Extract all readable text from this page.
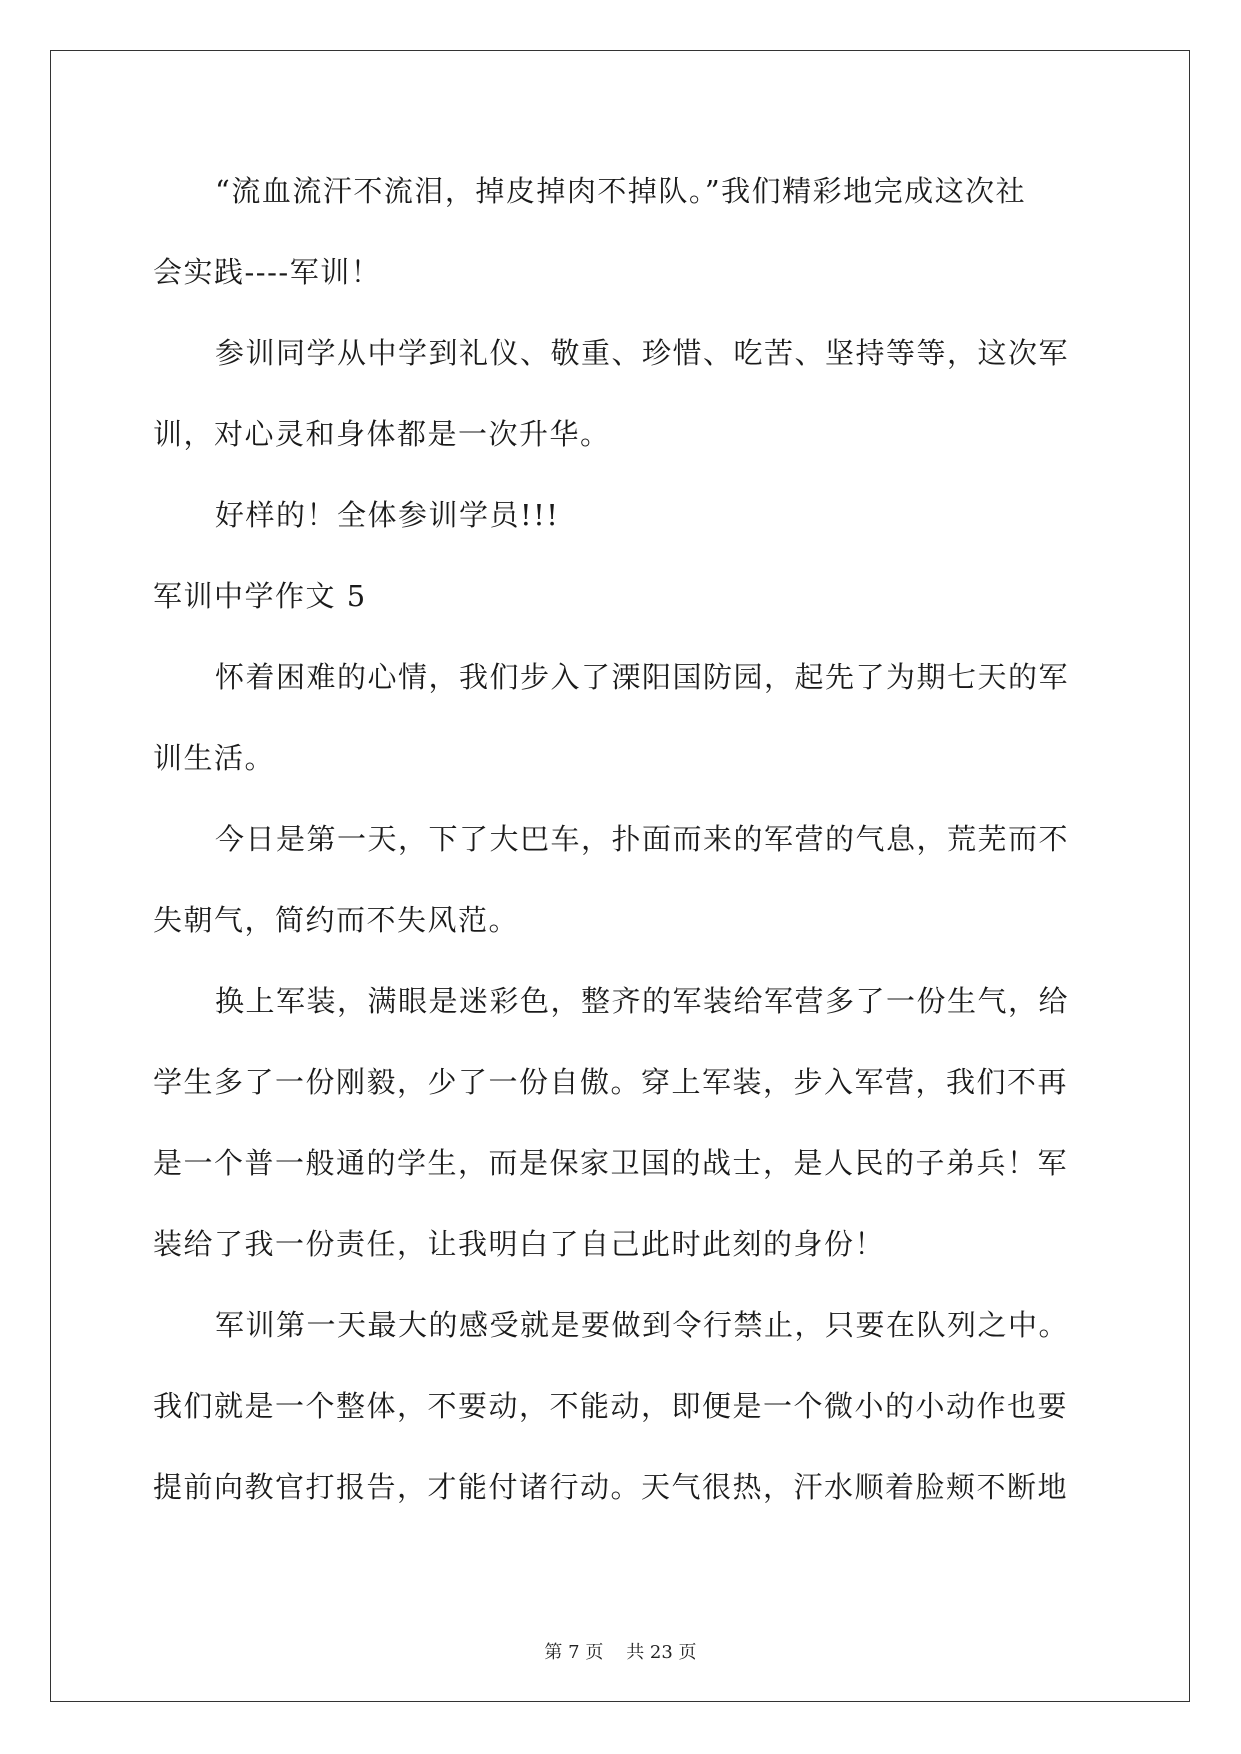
“流血流汗不流泪，掉皮掉肉不掉队。”我们精彩地完成这次社
会实践----军训！
参训同学从中学到礼仪、敬重、珍惜、吃苦、坚持等等，这次军
训，对心灵和身体都是一次升华。
好样的！全体参训学员!!!
军训中学作文 5
怀着困难的心情，我们步入了溧阳国防园，起先了为期七天的军
训生活。
今日是第一天，下了大巴车，扑面而来的军营的气息，荒芜而不
失朝气，简约而不失风范。
换上军装，满眼是迷彩色，整齐的军装给军营多了一份生气，给
学生多了一份刚毅，少了一份自傲。穿上军装，步入军营，我们不再
是一个普一般通的学生，而是保家卫国的战士，是人民的子弟兵！军
装给了我一份责任，让我明白了自己此时此刻的身份！
军训第一天最大的感受就是要做到令行禁止，只要在队列之中。
我们就是一个整体，不要动，不能动，即便是一个微小的小动作也要
提前向教官打报告，才能付诸行动。天气很热，汗水顺着脸颊不断地
第 7 页    共 23 页
